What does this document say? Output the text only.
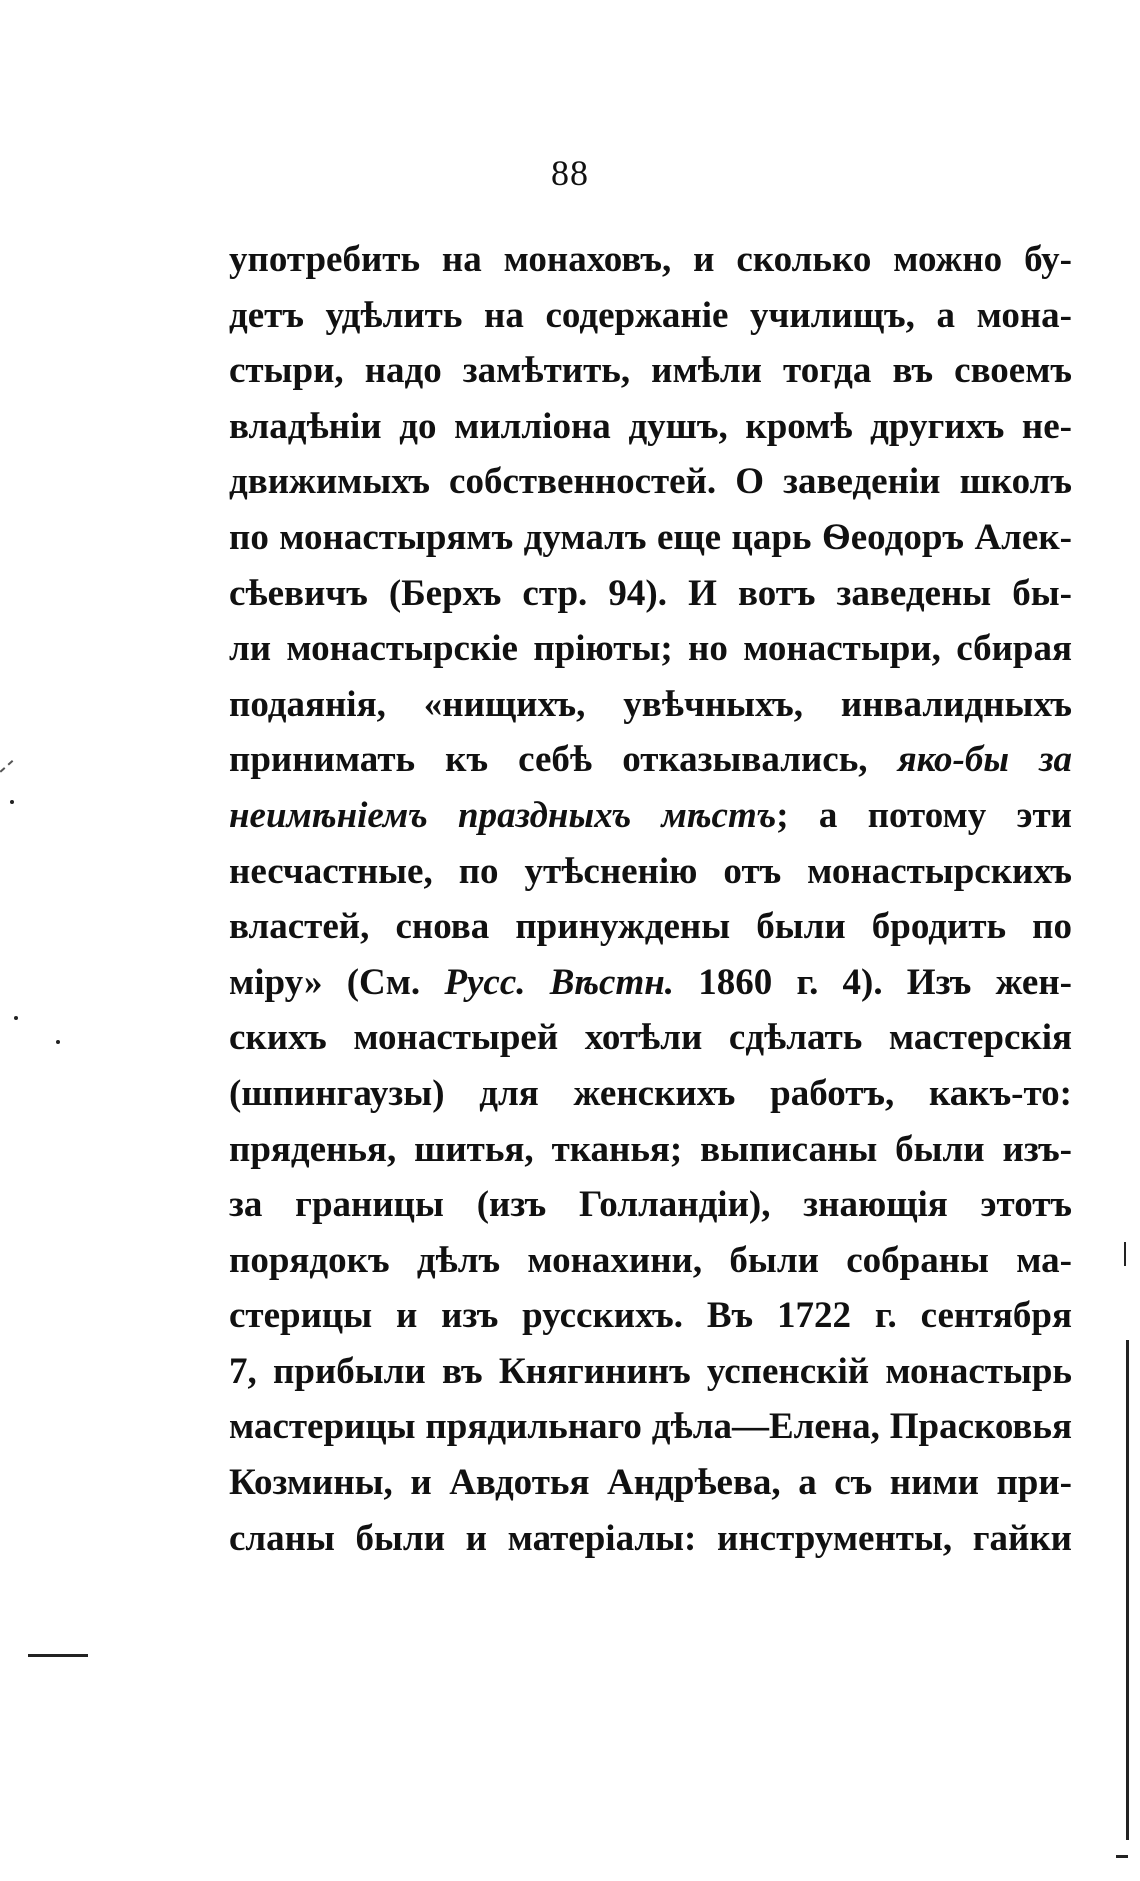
88
употребить на монаховъ, и сколько можно бу-
детъ удѣлить на содержаніе училищъ, а мона-
стыри, надо замѣтить, имѣли тогда въ своемъ
владѣніи до милліона душъ, кромѣ другихъ не-
движимыхъ собственностей. О заведеніи школъ
по монастырямъ думалъ еще царь Ѳеодоръ Алек-
сѣевичъ (Берхъ стр. 94). И вотъ заведены бы-
ли монастырскіе пріюты; но монастыри, сбирая
подаянія, «нищихъ, увѣчныхъ, инвалидныхъ
принимать къ себѣ отказывались, яко-бы за
неимѣніемъ праздныхъ мѣстъ; а потому эти
несчастные, по утѣсненію отъ монастырскихъ
властей, снова принуждены были бродить по
міру» (См. Русс. Вѣстн. 1860 г. 4). Изъ жен-
скихъ монастырей хотѣли сдѣлать мастерскія
(шпингаузы) для женскихъ работъ, какъ-то:
пряденья, шитья, тканья; выписаны были изъ-
за границы (изъ Голландіи), знающія этотъ
порядокъ дѣлъ монахини, были собраны ма-
стерицы и изъ русскихъ. Въ 1722 г. сентября
7, прибыли въ Княгининъ успенскій монастырь
мастерицы прядильнаго дѣла—Елена, Прасковья
Козмины, и Авдотья Андрѣева, а съ ними при-
сланы были и матеріалы: инструменты, гайки
